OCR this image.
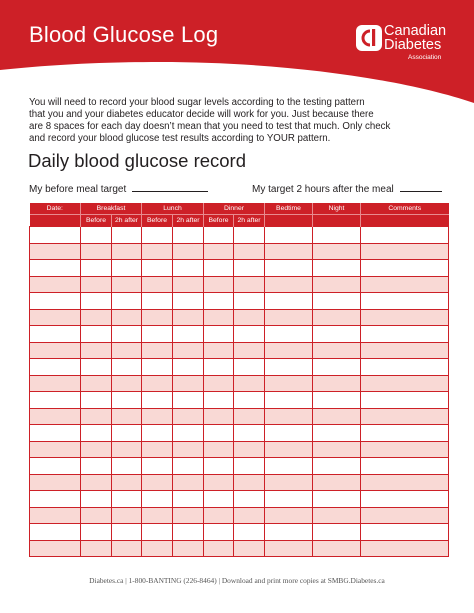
Blood Glucose Log	Canadian
Diabetes
Association

You will need to record your blood sugar levels according to the testing pattern

that you and your diabetes educator decide will work for you. Just because there

are 8 spaces for each day doesn’t mean that you need to test that much. Only check

and record your blood glucose test results according to YOUR pattern.

Daily blood glucose record
My before meal target	My target 2 hours after the meal
Date:	Breakfast		Lunch		Dinner		Bedtime	Night	Comments
	Before	2h after	Before	2h after	Before	2h after			

Diabetes.ca | 1-800-BANTING (226-8464) | Download and print more copies at SMBG.Diabetes.ca
